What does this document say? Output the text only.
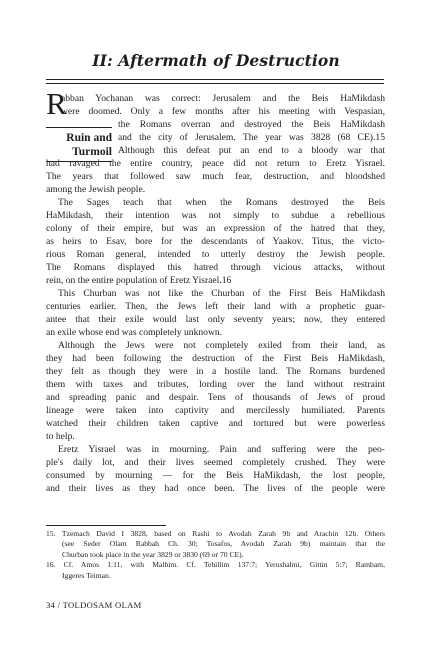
II: Aftermath of Destruction
R
Ruin and
Turmoil
abban Yochanan was correct: Jerusalem and the Beis HaMikdash
were doomed. Only a few months after his meeting with Vespasian,
the Romans overran and destroyed the Beis HaMikdash
and the city of Jerusalem. The year was 3828 (68 CE).15
Although this defeat put an end to a bloody war that
had ravaged the entire country, peace did not return to Eretz Yisrael.
The years that followed saw much fear, destruction, and bloodshed
among the Jewish people.
The Sages teach that when the Romans destroyed the Beis
HaMikdash, their intention was not simply to subdue a rebellious
colony of their empire, but was an expression of the hatred that they,
as heirs to Esav, bore for the descendants of Yaakov. Titus, the victo-
rious Roman general, intended to utterly destroy the Jewish people.
The Romans displayed this hatred through vicious attacks, without
rein, on the entire population of Eretz Yisrael.16
This Churban was not like the Churban of the First Beis HaMikdash
centuries earlier. Then, the Jews left their land with a prophetic guar-
antee that their exile would last only seventy years; now, they entered
an exile whose end was completely unknown.
Although the Jews were not completely exiled from their land, as
they had been following the destruction of the First Beis HaMikdash,
they felt as though they were in a hostile land. The Romans burdened
them with taxes and tributes, lording over the land without restraint
and spreading panic and despair. Tens of thousands of Jews of proud
lineage were taken into captivity and mercilessly humiliated. Parents
watched their children taken captive and tortured but were powerless
to help.
Eretz Yisrael was in mourning. Pain and suffering were the peo-
ple's daily lot, and their lives seemed completely crushed. They were
consumed by mourning — for the Beis HaMikdash, the lost people,
and their lives as they had once been. The lives of the people were
15. Tzemach David I 3828, based on Rashi to Avodah Zarah 9b and Arachin 12b. Others
(see Seder Olam Rabbah Ch. 30; Tosafos, Avodah Zarah 9b) maintain that the
Churban took place in the year 3829 or 3830 (69 or 70 CE).
16. Cf. Amos 1:11, with Malbim. Cf. Tehillim 137:7; Yerushalmi, Gittin 5:7; Rambam,
Iggeres Teiman.
34 / TOLDOSAM OLAM
